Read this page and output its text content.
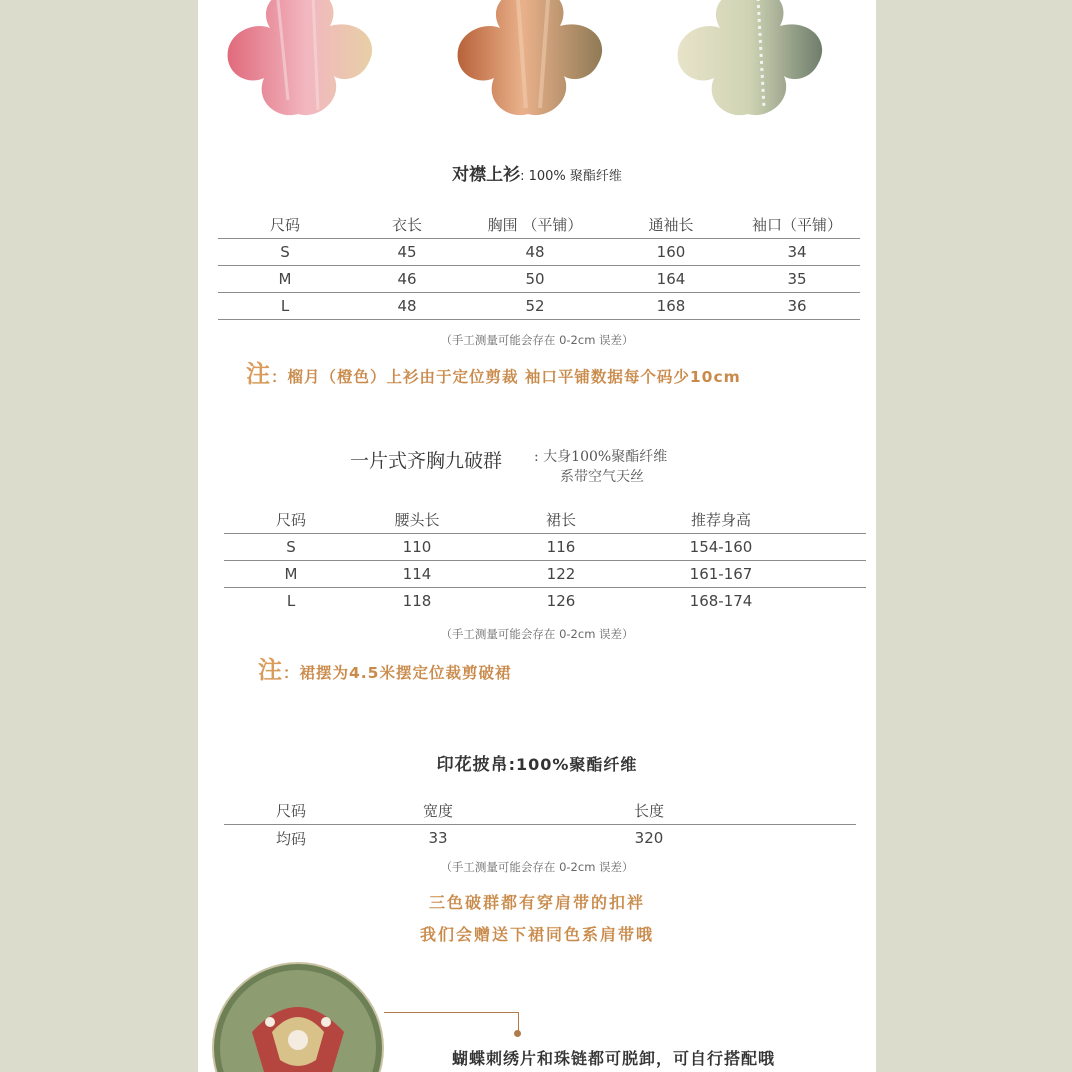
对襟上衫: 100% 聚酯纤维
尺码	衣长	胸围 （平铺）	通袖长	袖口（平铺）
S	45	48	160	34
M	46	50	164	35
L	48	52	168	36
（手工测量可能会存在 0-2cm 误差）
注：榴月（橙色）上衫由于定位剪裁 袖口平铺数据每个码少10cm
一片式齐胸九破群 : 大身100%聚酯纤维
系带空气天丝
尺码	腰头长	裙长	推荐身高	
S	110	116	154-160	
M	114	122	161-167	
L	118	126	168-174	
（手工测量可能会存在 0-2cm 误差）
注：裙摆为4.5米摆定位裁剪破裙
印花披帛:100%聚酯纤维
尺码	宽度	长度	
均码	33	320	
（手工测量可能会存在 0-2cm 误差）
三色破群都有穿肩带的扣袢
我们会赠送下裙同色系肩带哦
蝴蝶刺绣片和珠链都可脱卸，可自行搭配哦
